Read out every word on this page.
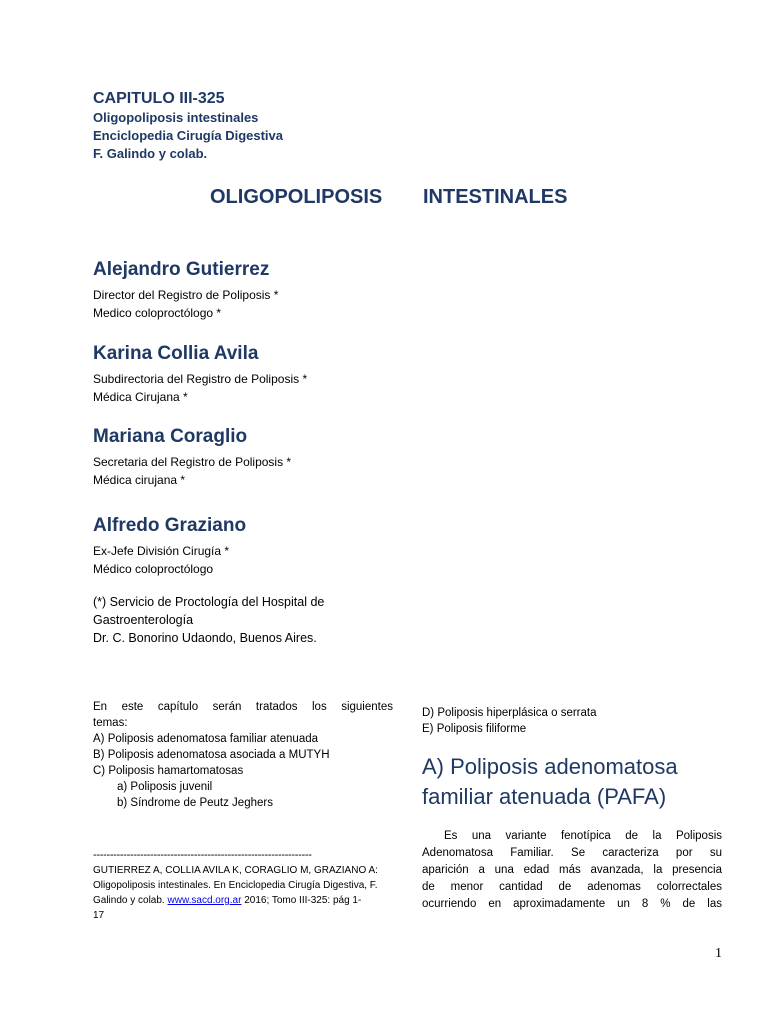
CAPITULO III-325
Oligopoliposis intestinales
Enciclopedia Cirugía Digestiva
F. Galindo y colab.
OLIGOPOLIPOSIS INTESTINALES
Alejandro Gutierrez
Director del Registro de Poliposis *
Medico coloproctólogo *
Karina Collia Avila
Subdirectoria del Registro de Poliposis *
Médica Cirujana *
Mariana Coraglio
Secretaria del Registro de Poliposis *
Médica cirujana *
Alfredo Graziano
Ex-Jefe División Cirugía *
Médico coloproctólogo
(*) Servicio de Proctología del Hospital de
Gastroenterología
Dr. C. Bonorino Udaondo, Buenos Aires.
En este capítulo serán tratados los siguientes
temas:
A) Poliposis adenomatosa familiar atenuada
B) Poliposis adenomatosa asociada a MUTYH
C) Poliposis hamartomatosas
a) Poliposis juvenil
b) Síndrome de Peutz Jeghers
-----------------------------------------------------------------
GUTIERREZ A, COLLIA AVILA K, CORAGLIO M, GRAZIANO A:
Oligopoliposis intestinales. En Enciclopedia Cirugía Digestiva, F.
Galindo y colab. www.sacd.org.ar 2016; Tomo III-325: pág 1-
17
D) Poliposis hiperplásica o serrata
E) Poliposis filiforme
A) Poliposis adenomatosa
familiar atenuada (PAFA)
Es una variante fenotípica de la Poliposis
Adenomatosa Familiar. Se caracteriza por su
aparición a una edad más avanzada, la presencia
de menor cantidad de adenomas colorrectales
ocurriendo en aproximadamente un 8 % de las
1
